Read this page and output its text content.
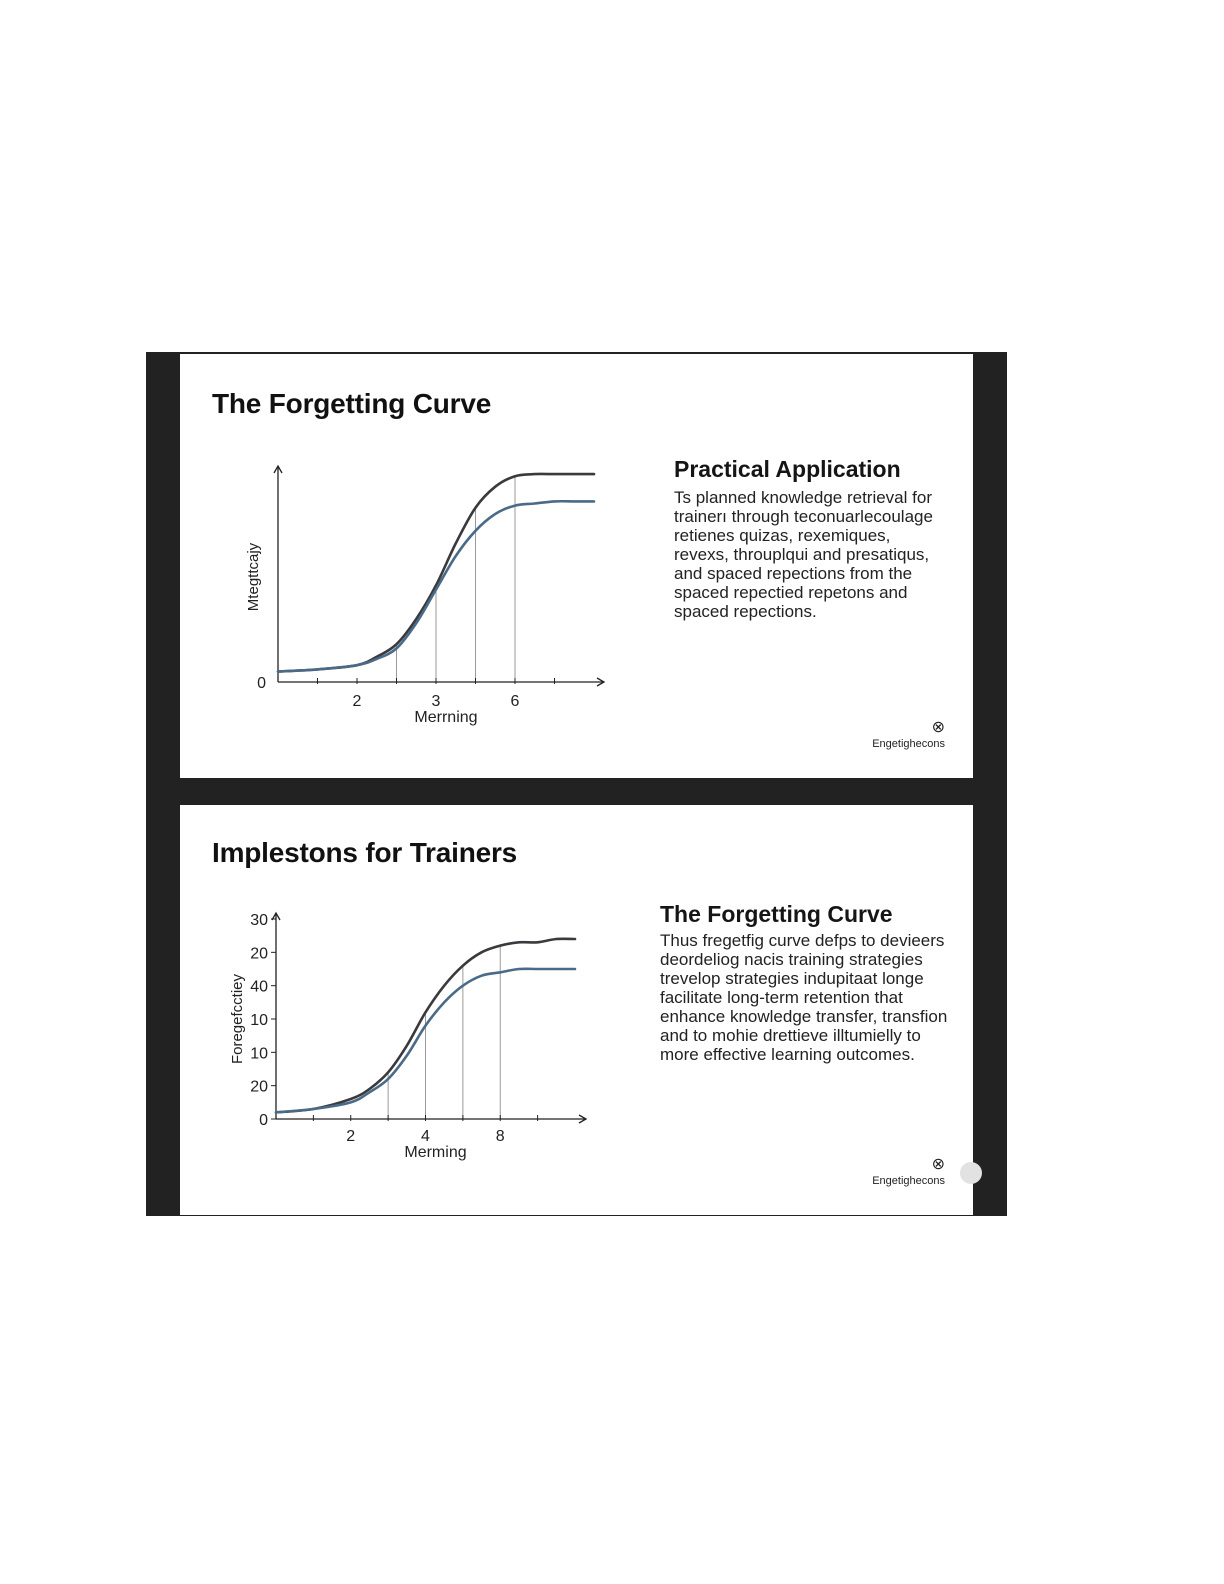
The Forgetting Curve
2	3	6
0
Merrning
Mtegttcajy
Practical Application

Ts planned knowledge retrieval for trainerı through teconuarlecoulage retienes quizas, rexemiques, revexs, throuplqui and presatiqus, and spaced repections from the spaced repectied repetons and spaced repections.

⊗
Engetighecons
Implestons for Trainers
2	4	8
0
20
10
10
40
20
30
Merming
Foregefcctiey
The Forgetting Curve

Thus fregetfig curve defps to devieers deordeliog nacis training strategies trevelop strategies indupitaat longe facilitate long-term retention that enhance knowledge transfer, transfion and to mohie drettieve illtumielly to more effective learning outcomes.

⊗
Engetighecons
